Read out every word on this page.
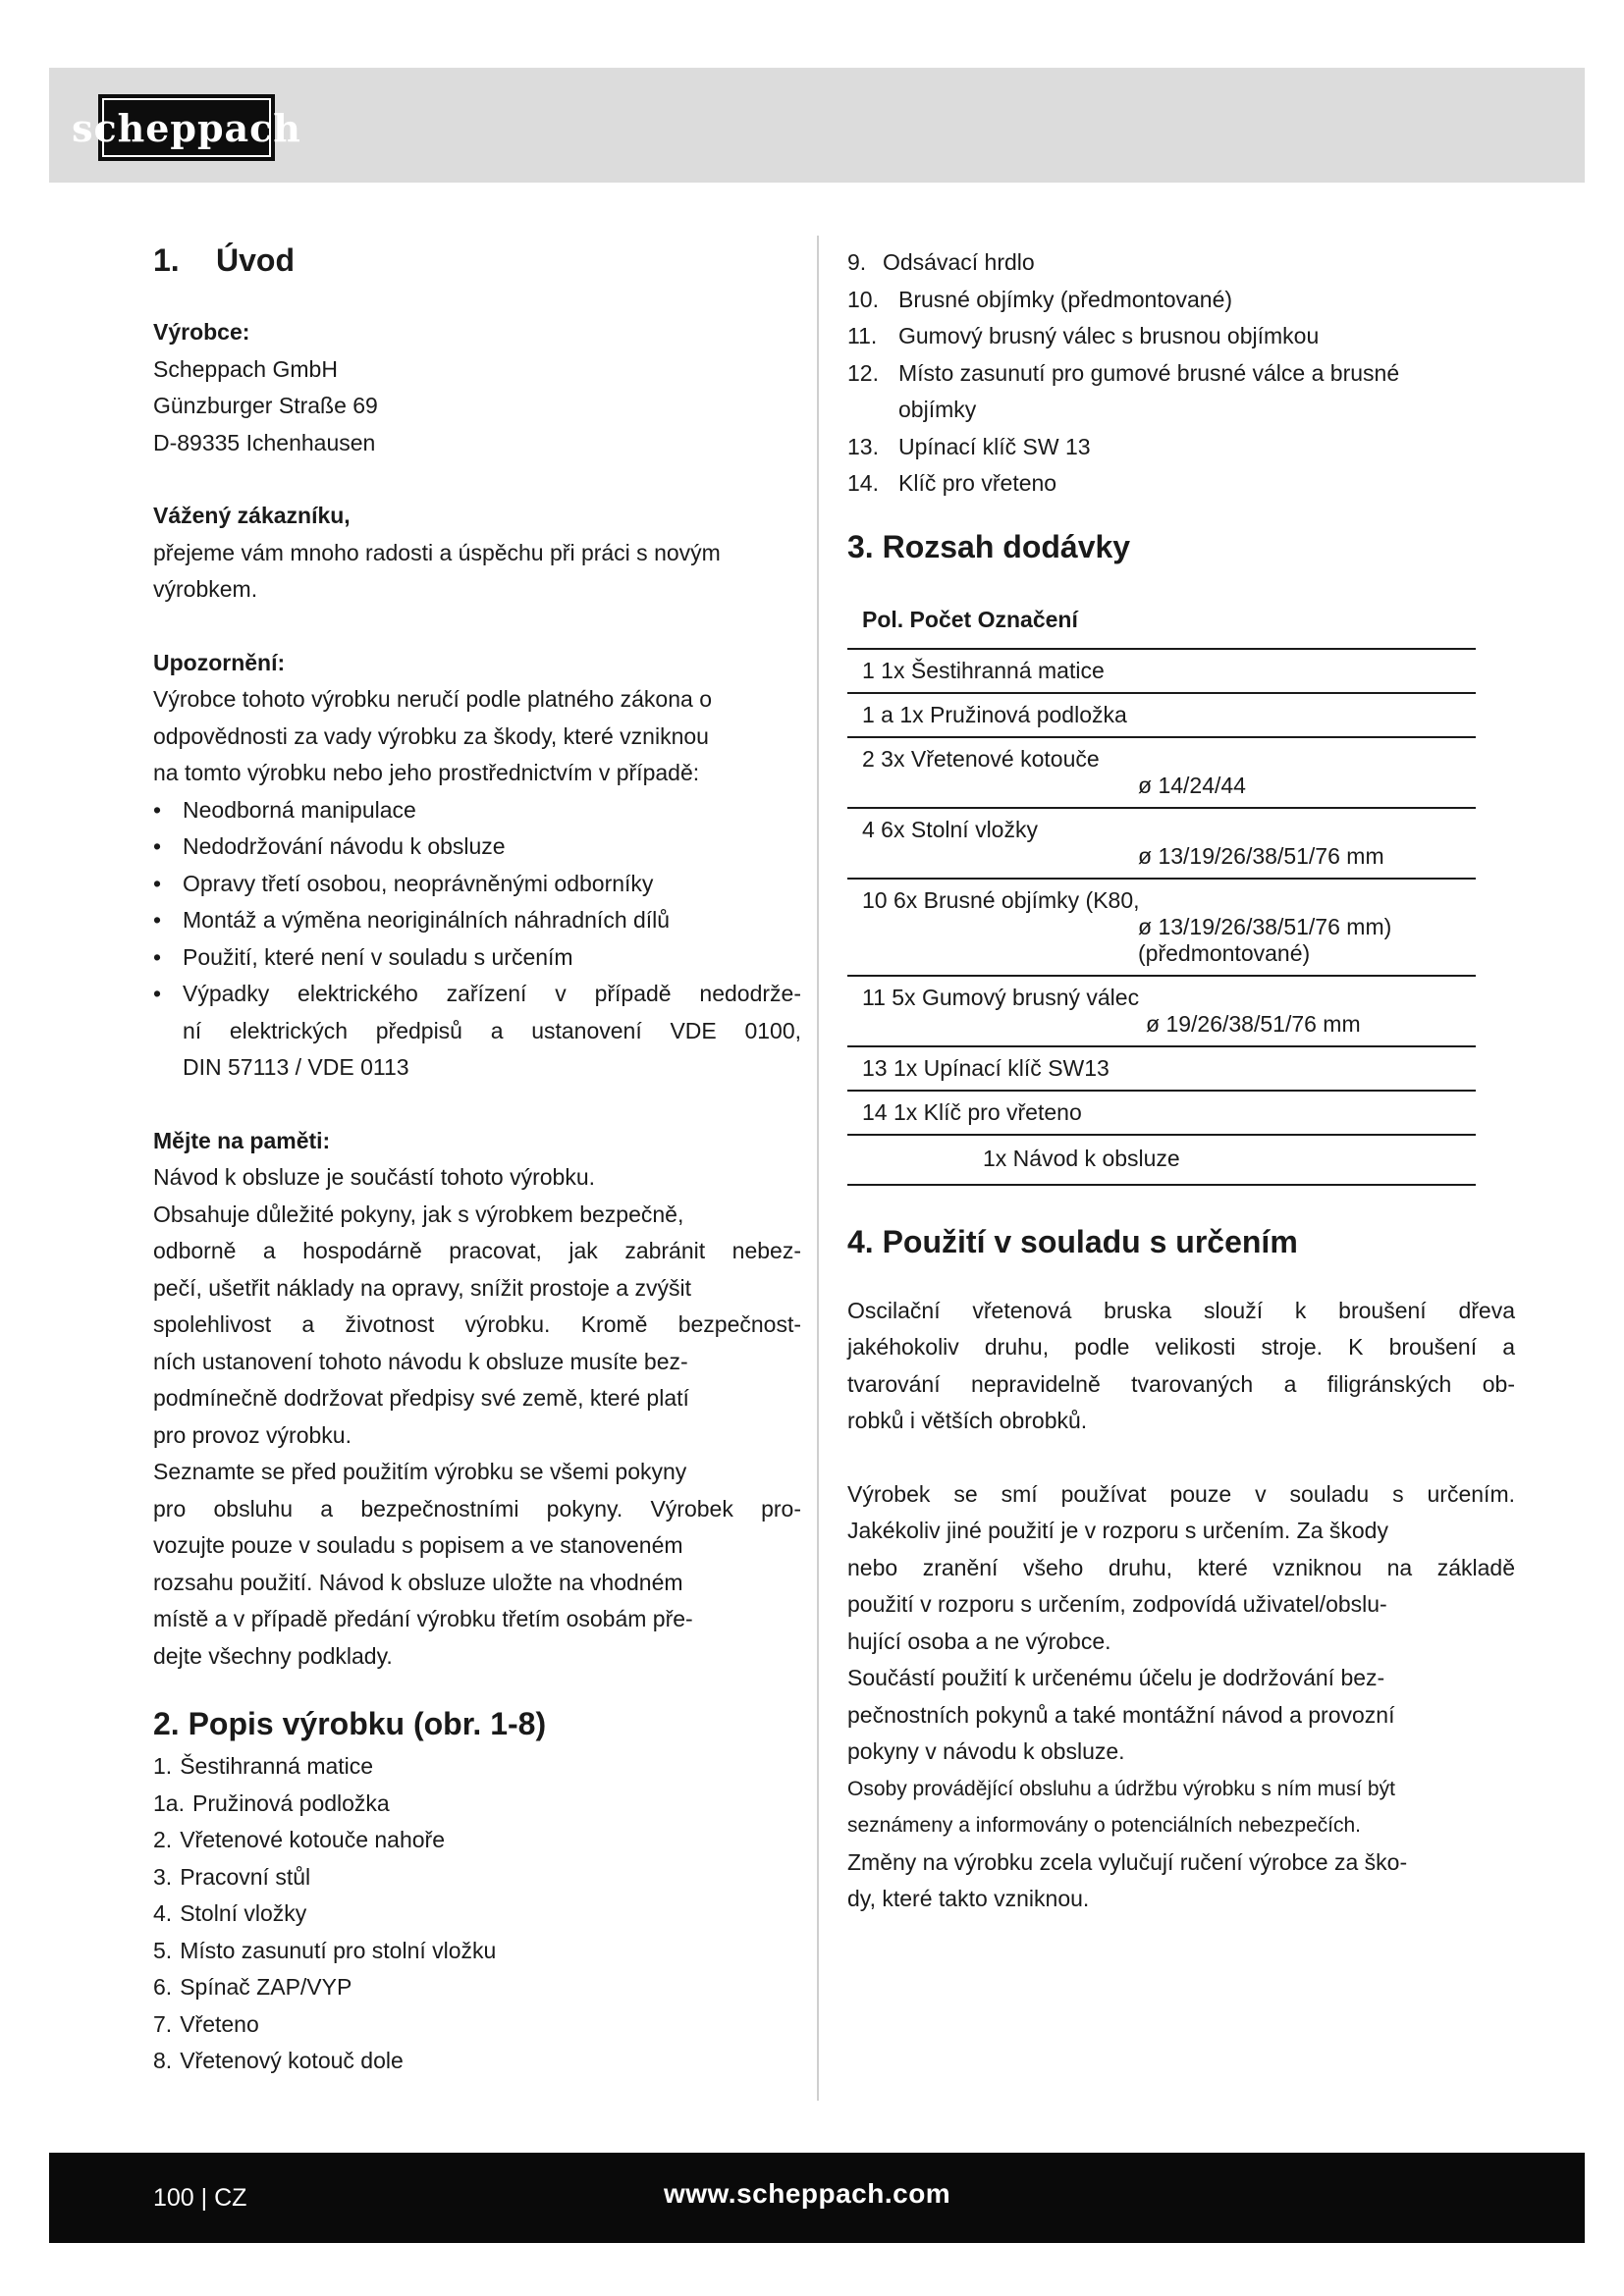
scheppach
1. Úvod
Výrobce:
Scheppach GmbH
Günzburger Straße 69
D-89335 Ichenhausen
Vážený zákazníku,
přejeme vám mnoho radosti a úspěchu při práci s novým
výrobkem.
Upozornění:
Výrobce tohoto výrobku neručí podle platného zákona o
odpovědnosti za vady výrobku za škody, které vzniknou
na tomto výrobku nebo jeho prostřednictvím v případě:
• Neodborná manipulace
• Nedodržování návodu k obsluze
• Opravy třetí osobou, neoprávněnými odborníky
• Montáž a výměna neoriginálních náhradních dílů
• Použití, které není v souladu s určením
• Výpadky elektrického zařízení v případě nedodrže-
ní elektrických předpisů a ustanovení VDE 0100,
DIN 57113 / VDE 0113
Mějte na paměti:
Návod k obsluze je součástí tohoto výrobku.
Obsahuje důležité pokyny, jak s výrobkem bezpečně,
odborně a hospodárně pracovat, jak zabránit nebez-
pečí, ušetřit náklady na opravy, snížit prostoje a zvýšit
spolehlivost a životnost výrobku. Kromě bezpečnost-
ních ustanovení tohoto návodu k obsluze musíte bez-
podmínečně dodržovat předpisy své země, které platí
pro provoz výrobku.
Seznamte se před použitím výrobku se všemi pokyny
pro obsluhu a bezpečnostními pokyny. Výrobek pro-
vozujte pouze v souladu s popisem a ve stanoveném
rozsahu použití. Návod k obsluze uložte na vhodném
místě a v případě předání výrobku třetím osobám pře-
dejte všechny podklady.
2. Popis výrobku (obr. 1-8)
1. Šestihranná matice
1a. Pružinová podložka
2. Vřetenové kotouče nahoře
3. Pracovní stůl
4. Stolní vložky
5. Místo zasunutí pro stolní vložku
6. Spínač ZAP/VYP
7. Vřeteno
8. Vřetenový kotouč dole
9. Odsávací hrdlo
10. Brusné objímky (předmontované)
11. Gumový brusný válec s brusnou objímkou
12. Místo zasunutí pro gumové brusné válce a brusné
objímky
13. Upínací klíč SW 13
14. Klíč pro vřeteno
3. Rozsah dodávky
Pol. Počet Označení
1 1x Šestihranná matice
1 a 1x Pružinová podložka
2 3x Vřetenové kotouče
ø 14/24/44
4 6x Stolní vložky
ø 13/19/26/38/51/76 mm
10 6x Brusné objímky (K80,
ø 13/19/26/38/51/76 mm)
(předmontované)
11 5x Gumový brusný válec
ø 19/26/38/51/76 mm
13 1x Upínací klíč SW13
14 1x Klíč pro vřeteno
1x Návod k obsluze
4. Použití v souladu s určením
Oscilační vřetenová bruska slouží k broušení dřeva
jakéhokoliv druhu, podle velikosti stroje. K broušení a
tvarování nepravidelně tvarovaných a filigránských ob-
robků i větších obrobků.
Výrobek se smí používat pouze v souladu s určením.
Jakékoliv jiné použití je v rozporu s určením. Za škody
nebo zranění všeho druhu, které vzniknou na základě
použití v rozporu s určením, zodpovídá uživatel/obslu-
hující osoba a ne výrobce.
Součástí použití k určenému účelu je dodržování bez-
pečnostních pokynů a také montážní návod a provozní
pokyny v návodu k obsluze.
Osoby provádějící obsluhu a údržbu výrobku s ním musí být
seznámeny a informovány o potenciálních nebezpečích.
Změny na výrobku zcela vylučují ručení výrobce za ško-
dy, které takto vzniknou.
100 | CZ	www.scheppach.com
